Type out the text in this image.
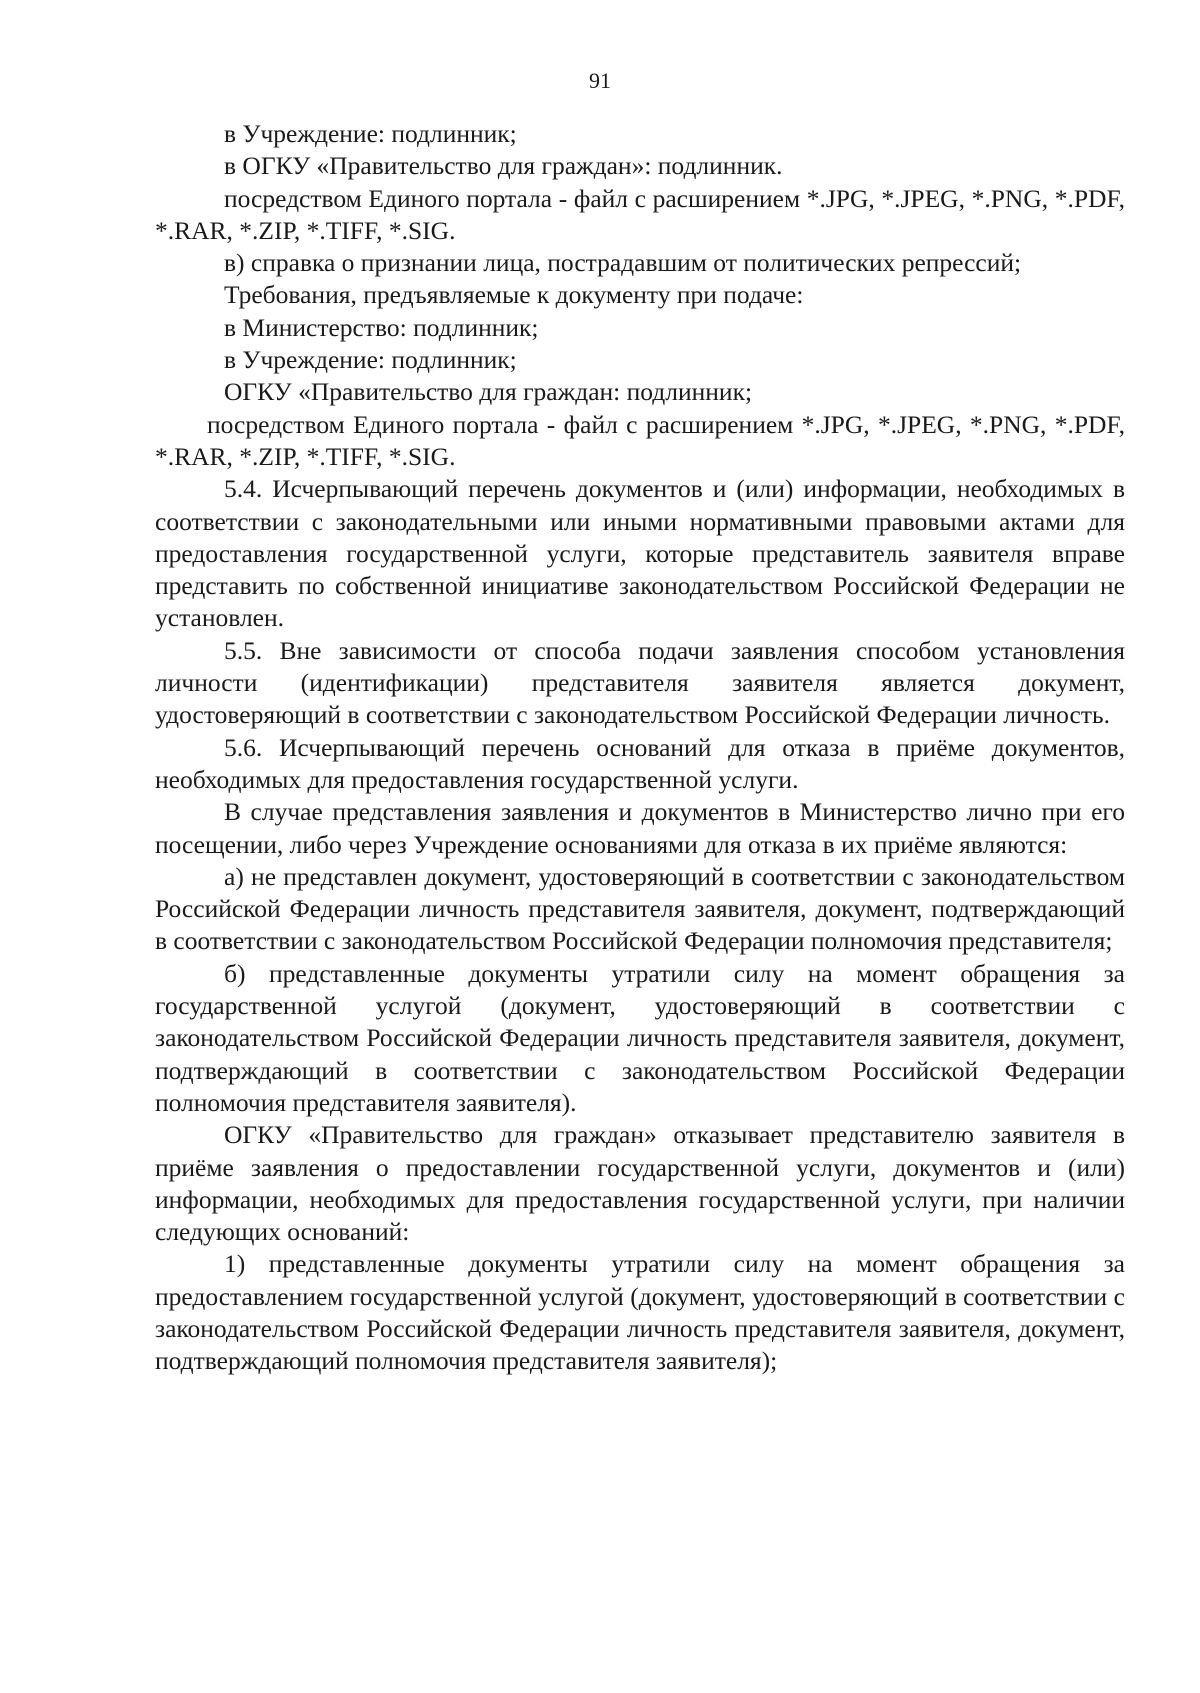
91

в Учреждение: подлинник;

в ОГКУ «Правительство для граждан»: подлинник.

посредством Единого портала - файл с расширением *.JPG, *.JPEG, *.PNG, *.PDF, *.RAR, *.ZIP, *.TIFF, *.SIG.

в) справка о признании лица, пострадавшим от политических репрессий;

Требования, предъявляемые к документу при подаче:

в Министерство: подлинник;

в Учреждение: подлинник;

ОГКУ «Правительство для граждан: подлинник;

посредством Единого портала - файл с расширением *.JPG, *.JPEG, *.PNG, *.PDF, *.RAR, *.ZIP, *.TIFF, *.SIG.

5.4. Исчерпывающий перечень документов и (или) информации, необходимых в соответствии с законодательными или иными нормативными правовыми актами для предоставления государственной услуги, которые представитель заявителя вправе представить по собственной инициативе законодательством Российской Федерации не установлен.

5.5. Вне зависимости от способа подачи заявления способом установления личности (идентификации) представителя заявителя является документ, удостоверяющий в соответствии с законодательством Российской Федерации личность.

5.6. Исчерпывающий перечень оснований для отказа в приёме документов, необходимых для предоставления государственной услуги.

В случае представления заявления и документов в Министерство лично при его посещении, либо через Учреждение основаниями для отказа в их приёме являются:

а) не представлен документ, удостоверяющий в соответствии с законодательством Российской Федерации личность представителя заявителя, документ, подтверждающий в соответствии с законодательством Российской Федерации полномочия представителя;

б) представленные документы утратили силу на момент обращения за государственной услугой (документ, удостоверяющий в соответствии с законодательством Российской Федерации личность представителя заявителя, документ, подтверждающий в соответствии с законодательством Российской Федерации полномочия представителя заявителя).

ОГКУ «Правительство для граждан» отказывает представителю заявителя в приёме заявления о предоставлении государственной услуги, документов и (или) информации, необходимых для предоставления государственной услуги, при наличии следующих оснований:

1) представленные документы утратили силу на момент обращения за предоставлением государственной услугой (документ, удостоверяющий в соответствии с законодательством Российской Федерации личность представителя заявителя, документ, подтверждающий полномочия представителя заявителя);
